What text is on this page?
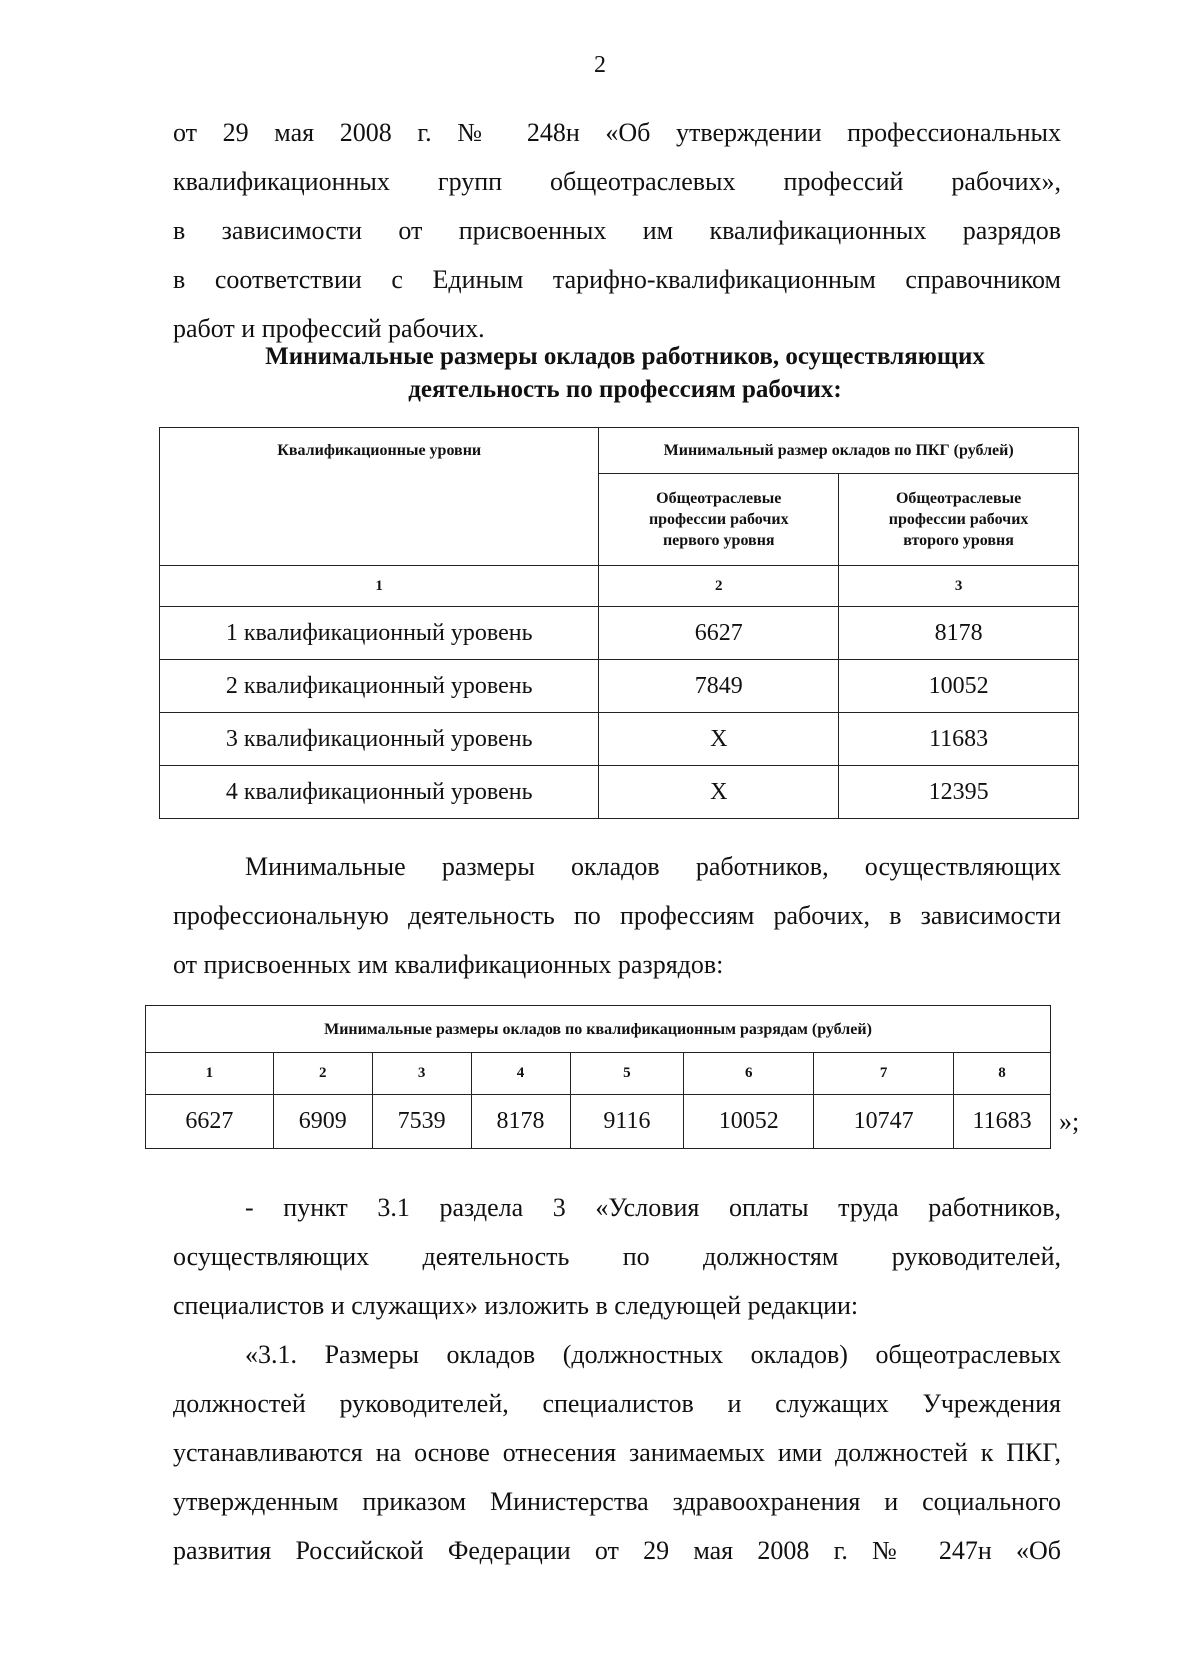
2
от 29 мая 2008 г. № 248н «Об утверждении профессиональных
квалификационных групп общеотраслевых профессий рабочих»,
в зависимости от присвоенных им квалификационных разрядов
в соответствии с Единым тарифно-квалификационным справочником
работ и профессий рабочих.
Минимальные размеры окладов работников, осуществляющих
деятельность по профессиям рабочих:
Квалификационные уровни	Минимальный размер окладов по ПКГ (рублей)	
	Общеотраслевые профессии рабочих первого уровня	Общеотраслевые профессии рабочих второго уровня
1	2	3
1 квалификационный уровень	6627	8178
2 квалификационный уровень	7849	10052
3 квалификационный уровень	Х	11683
4 квалификационный уровень	Х	12395
Минимальные размеры окладов работников, осуществляющих
профессиональную деятельность по профессиям рабочих, в зависимости
от присвоенных им квалификационных разрядов:
Минимальные размеры окладов по квалификационным разрядам (рублей)							
1	2	3	4	5	6	7	8
6627	6909	7539	8178	9116	10052	10747	11683 »;
- пункт 3.1 раздела 3 «Условия оплаты труда работников,
осуществляющих деятельность по должностям руководителей,
специалистов и служащих» изложить в следующей редакции:
«3.1. Размеры окладов (должностных окладов) общеотраслевых
должностей руководителей, специалистов и служащих Учреждения
устанавливаются на основе отнесения занимаемых ими должностей к ПКГ,
утвержденным приказом Министерства здравоохранения и социального
развития Российской Федерации от 29 мая 2008 г. № 247н «Об
